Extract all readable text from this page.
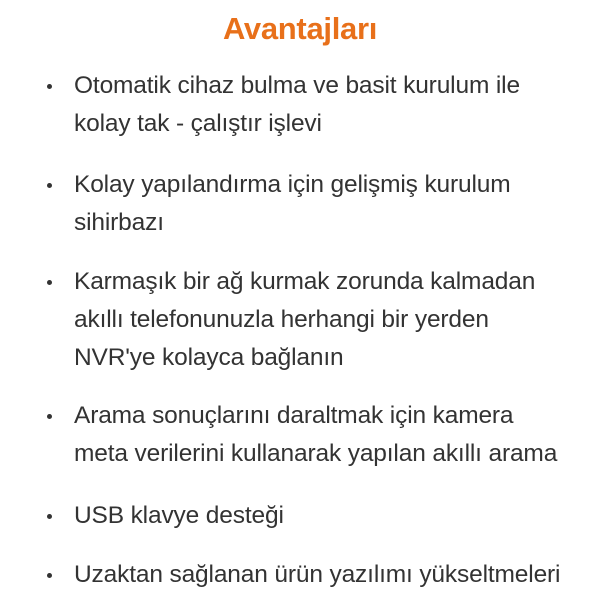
Avantajları
Otomatik cihaz bulma ve basit kurulum ile
kolay tak - çalıştır işlevi
Kolay yapılandırma için gelişmiş kurulum
sihirbazı
Karmaşık bir ağ kurmak zorunda kalmadan
akıllı telefonunuzla herhangi bir yerden
NVR'ye kolayca bağlanın
Arama sonuçlarını daraltmak için kamera
meta verilerini kullanarak yapılan akıllı arama
USB klavye desteği
Uzaktan sağlanan ürün yazılımı yükseltmeleri
